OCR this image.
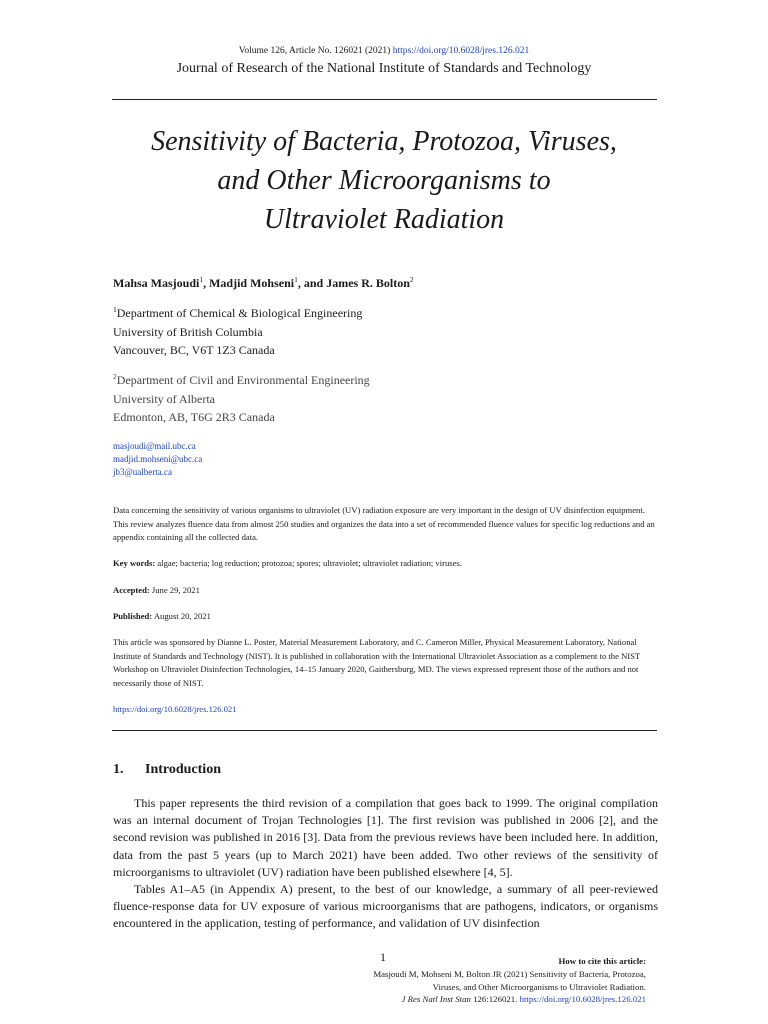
Volume 126, Article No. 126021 (2021) https://doi.org/10.6028/jres.126.021
Journal of Research of the National Institute of Standards and Technology
Sensitivity of Bacteria, Protozoa, Viruses,
and Other Microorganisms to
Ultraviolet Radiation
Mahsa Masjoudi$^1$, Madjid Mohseni$^1$, and James R. Bolton$^2$
$^1$Department of Chemical & Biological Engineering
University of British Columbia
Vancouver, BC, V6T 1Z3 Canada
$^2$Department of Civil and Environmental Engineering
University of Alberta
Edmonton, AB, T6G 2R3 Canada
masjoudi@mail.ubc.ca
madjid.mohseni@ubc.ca
jb3@ualberta.ca
Data concerning the sensitivity of various organisms to ultraviolet (UV) radiation exposure are very important in the design of UV disinfection equipment. This review analyzes fluence data from almost 250 studies and organizes the data into a set of recommended fluence values for specific log reductions and an appendix containing all the collected data.
Key words: algae; bacteria; log reduction; protozoa; spores; ultraviolet; ultraviolet radiation; viruses.
Accepted: June 29, 2021
Published: August 20, 2021
This article was sponsored by Dianne L. Poster, Material Measurement Laboratory, and C. Cameron Miller, Physical Measurement Laboratory, National Institute of Standards and Technology (NIST). It is published in collaboration with the International Ultraviolet Association as a complement to the NIST Workshop on Ultraviolet Disinfection Technologies, 14–15 January 2020, Gaithersburg, MD. The views expressed represent those of the authors and not necessarily those of NIST.
https://doi.org/10.6028/jres.126.021
1. Introduction

This paper represents the third revision of a compilation that goes back to 1999. The original compilation was an internal document of Trojan Technologies [1]. The first revision was published in 2006 [2], and the second revision was published in 2016 [3]. Data from the previous reviews have been included here. In addition, data from the past 5 years (up to March 2021) have been added. Two other reviews of the sensitivity of microorganisms to ultraviolet (UV) radiation have been published elsewhere [4, 5].

Tables A1–A5 (in Appendix A) present, to the best of our knowledge, a summary of all peer-reviewed fluence-response data for UV exposure of various microorganisms that are pathogens, indicators, or organisms encountered in the application, testing of performance, and validation of UV disinfection

1	How to cite this article:
Masjoudi M, Mohseni M, Bolton JR (2021) Sensitivity of Bacteria, Protozoa,
Viruses, and Other Microorganisms to Ultraviolet Radiation.
J Res Natl Inst Stan 126:126021. https://doi.org/10.6028/jres.126.021
